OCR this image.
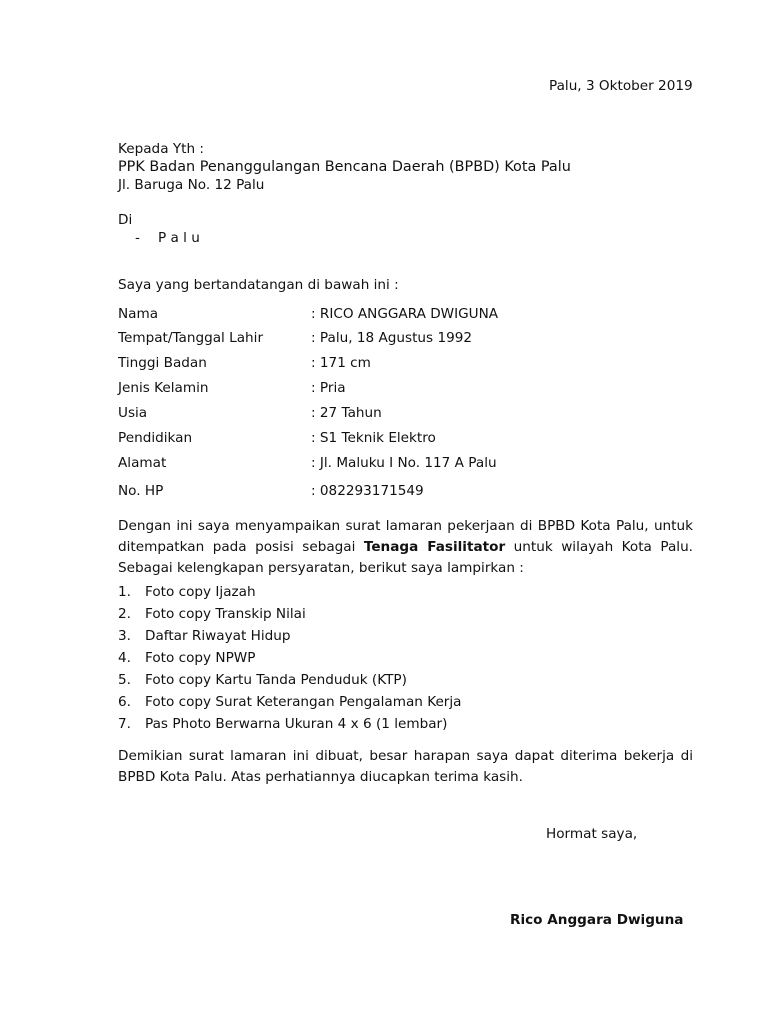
Palu, 3 Oktober 2019
Kepada Yth :
PPK Badan Penanggulangan Bencana Daerah (BPBD) Kota Palu
Jl. Baruga No. 12 Palu
Di
- P a l u
Saya yang bertandatangan di bawah ini :
Nama	: RICO ANGGARA DWIGUNA
Tempat/Tanggal Lahir	: Palu, 18 Agustus 1992
Tinggi Badan	: 171 cm
Jenis Kelamin	: Pria
Usia	: 27 Tahun
Pendidikan	: S1 Teknik Elektro
Alamat	: Jl. Maluku I No. 117 A Palu
No. HP	: 082293171549
Dengan ini saya menyampaikan surat lamaran pekerjaan di BPBD Kota Palu, untuk ditempatkan pada posisi sebagai Tenaga Fasilitator untuk wilayah Kota Palu. Sebagai kelengkapan persyaratan, berikut saya lampirkan :
1. Foto copy Ijazah
2. Foto copy Transkip Nilai
3. Daftar Riwayat Hidup
4. Foto copy NPWP
5. Foto copy Kartu Tanda Penduduk (KTP)
6. Foto copy Surat Keterangan Pengalaman Kerja
7. Pas Photo Berwarna Ukuran 4 x 6 (1 lembar)
Demikian surat lamaran ini dibuat, besar harapan saya dapat diterima bekerja di BPBD Kota Palu. Atas perhatiannya diucapkan terima kasih.
Hormat saya,
Rico Anggara Dwiguna
